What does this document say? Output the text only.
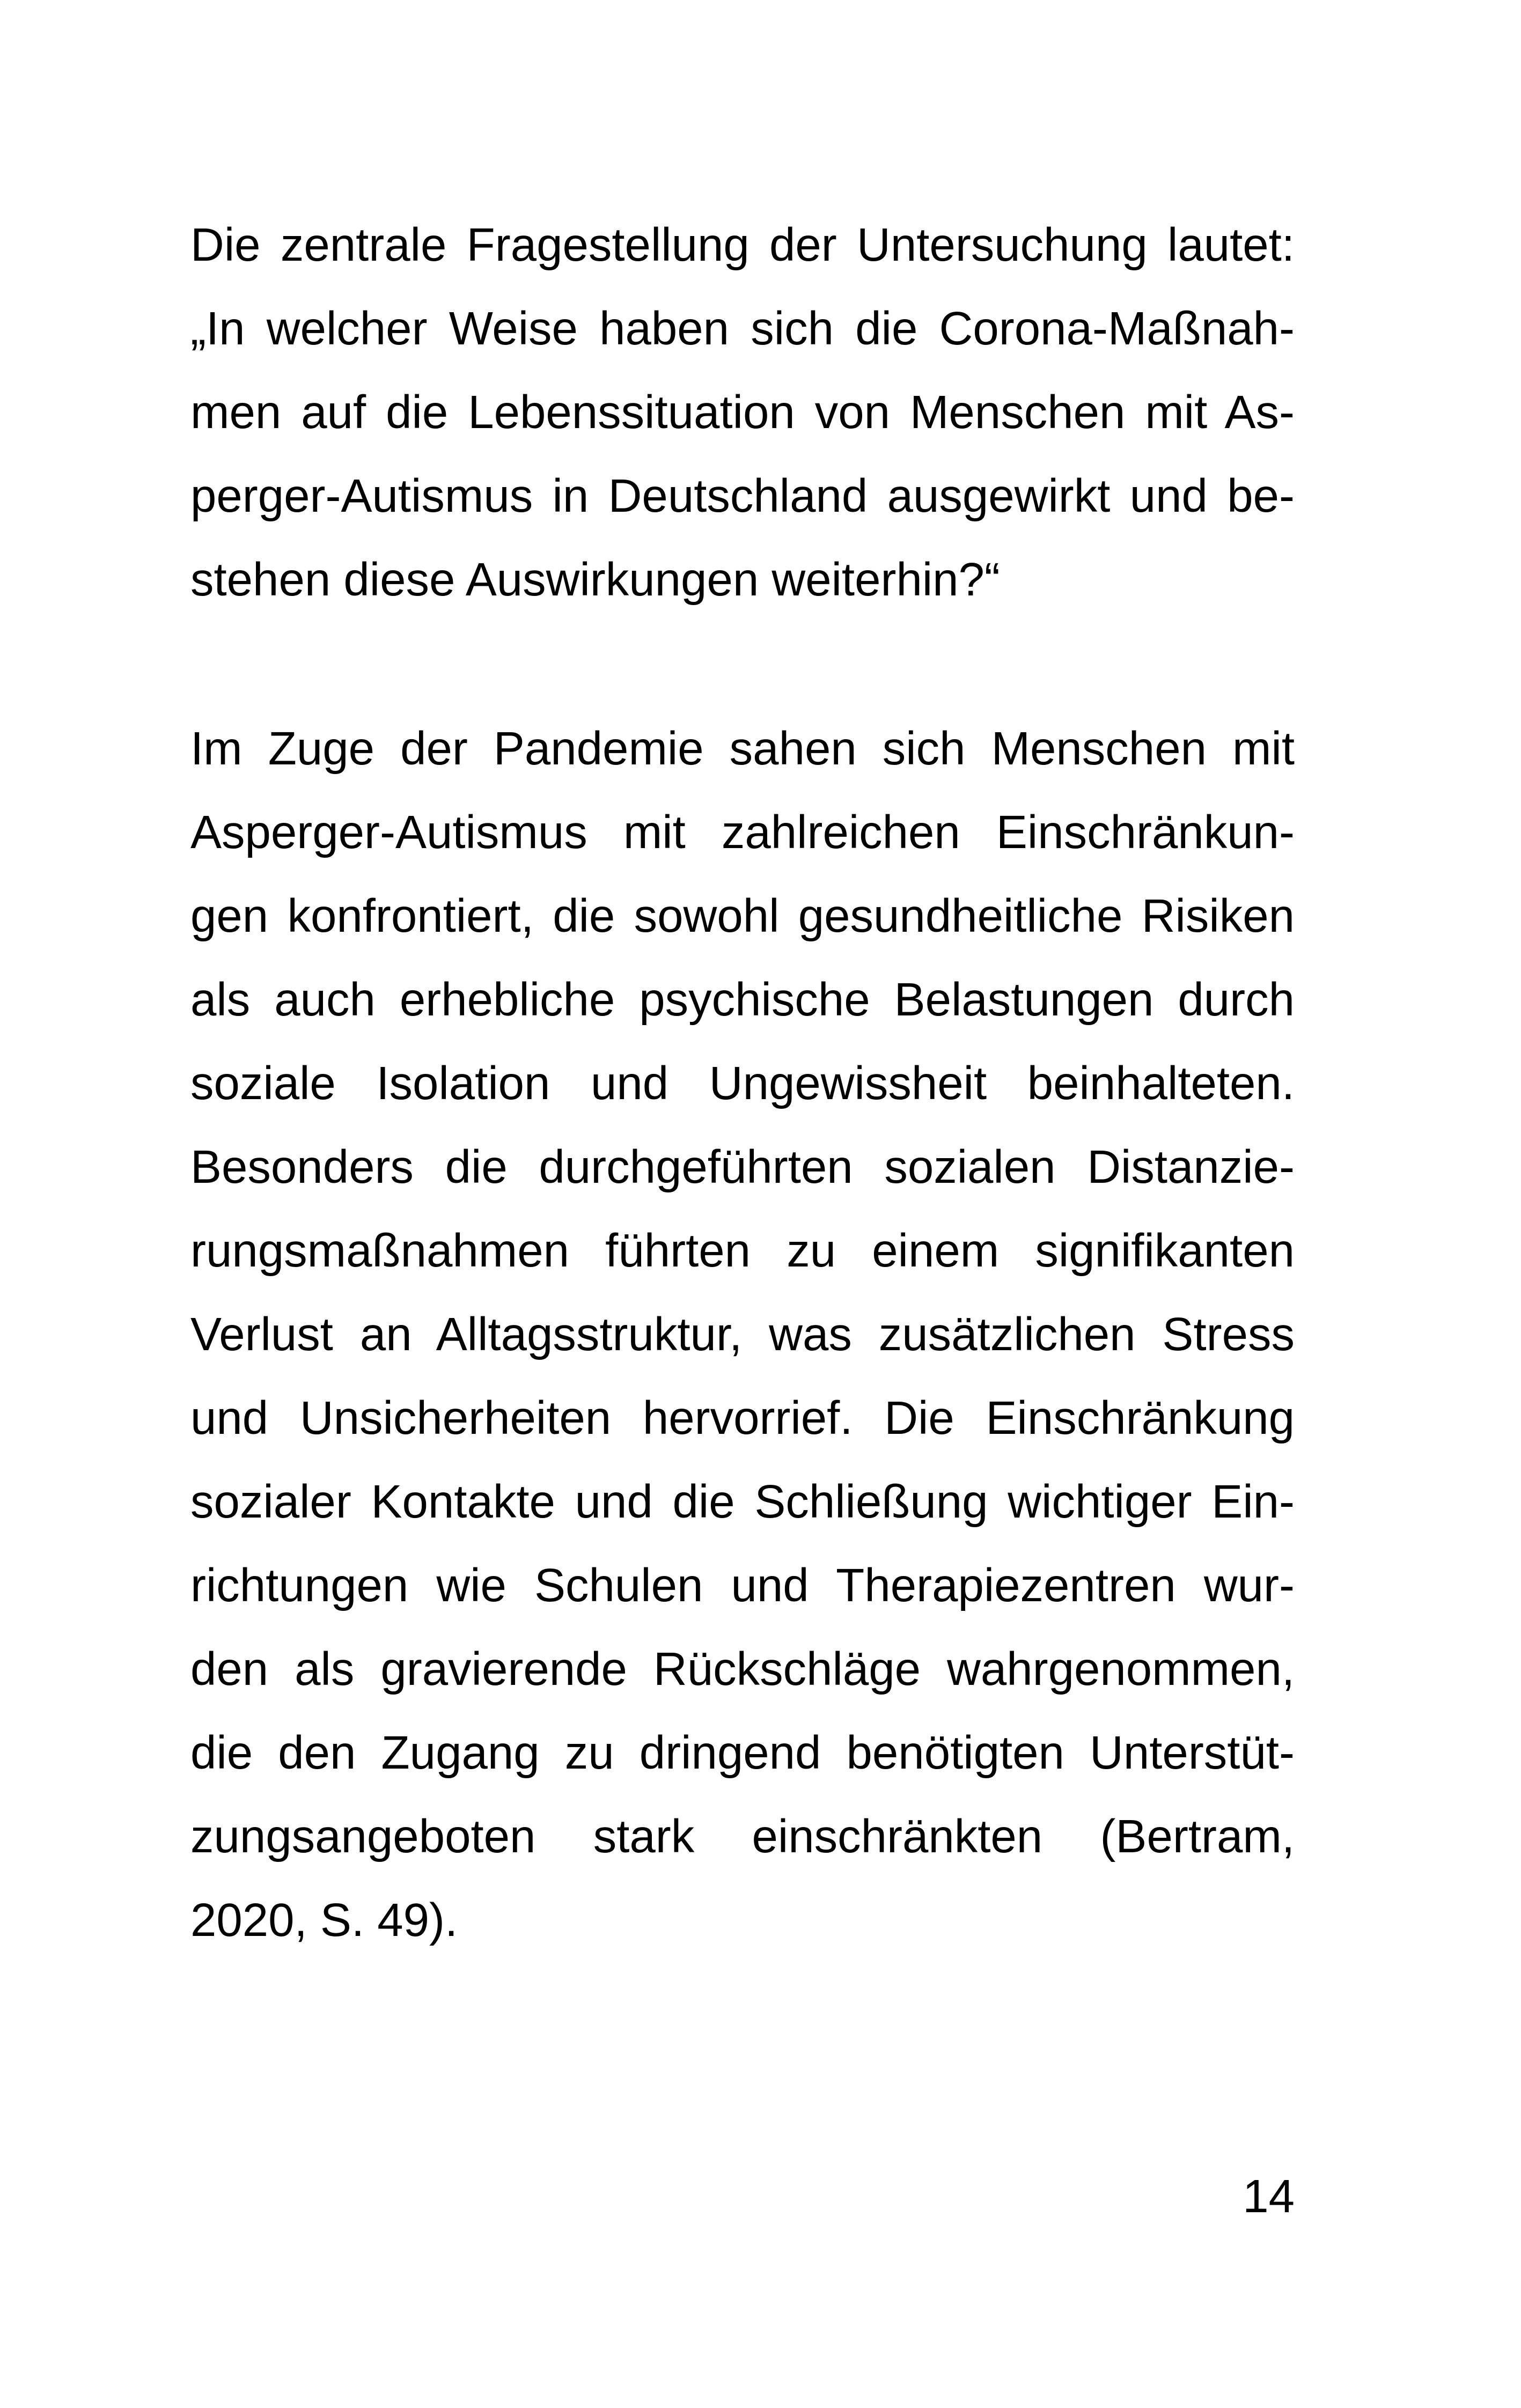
Die zentrale Fragestellung der Untersuchung lautet:
„In welcher Weise haben sich die Corona-Maßnah-
men auf die Lebenssituation von Menschen mit As-
perger-Autismus in Deutschland ausgewirkt und be-
stehen diese Auswirkungen weiterhin?“
Im Zuge der Pandemie sahen sich Menschen mit
Asperger-Autismus mit zahlreichen Einschränkun-
gen konfrontiert, die sowohl gesundheitliche Risiken
als auch erhebliche psychische Belastungen durch
soziale Isolation und Ungewissheit beinhalteten.
Besonders die durchgeführten sozialen Distanzie-
rungsmaßnahmen führten zu einem signifikanten
Verlust an Alltagsstruktur, was zusätzlichen Stress
und Unsicherheiten hervorrief. Die Einschränkung
sozialer Kontakte und die Schließung wichtiger Ein-
richtungen wie Schulen und Therapiezentren wur-
den als gravierende Rückschläge wahrgenommen,
die den Zugang zu dringend benötigten Unterstüt-
zungsangeboten stark einschränkten (Bertram,
2020, S. 49).
14
